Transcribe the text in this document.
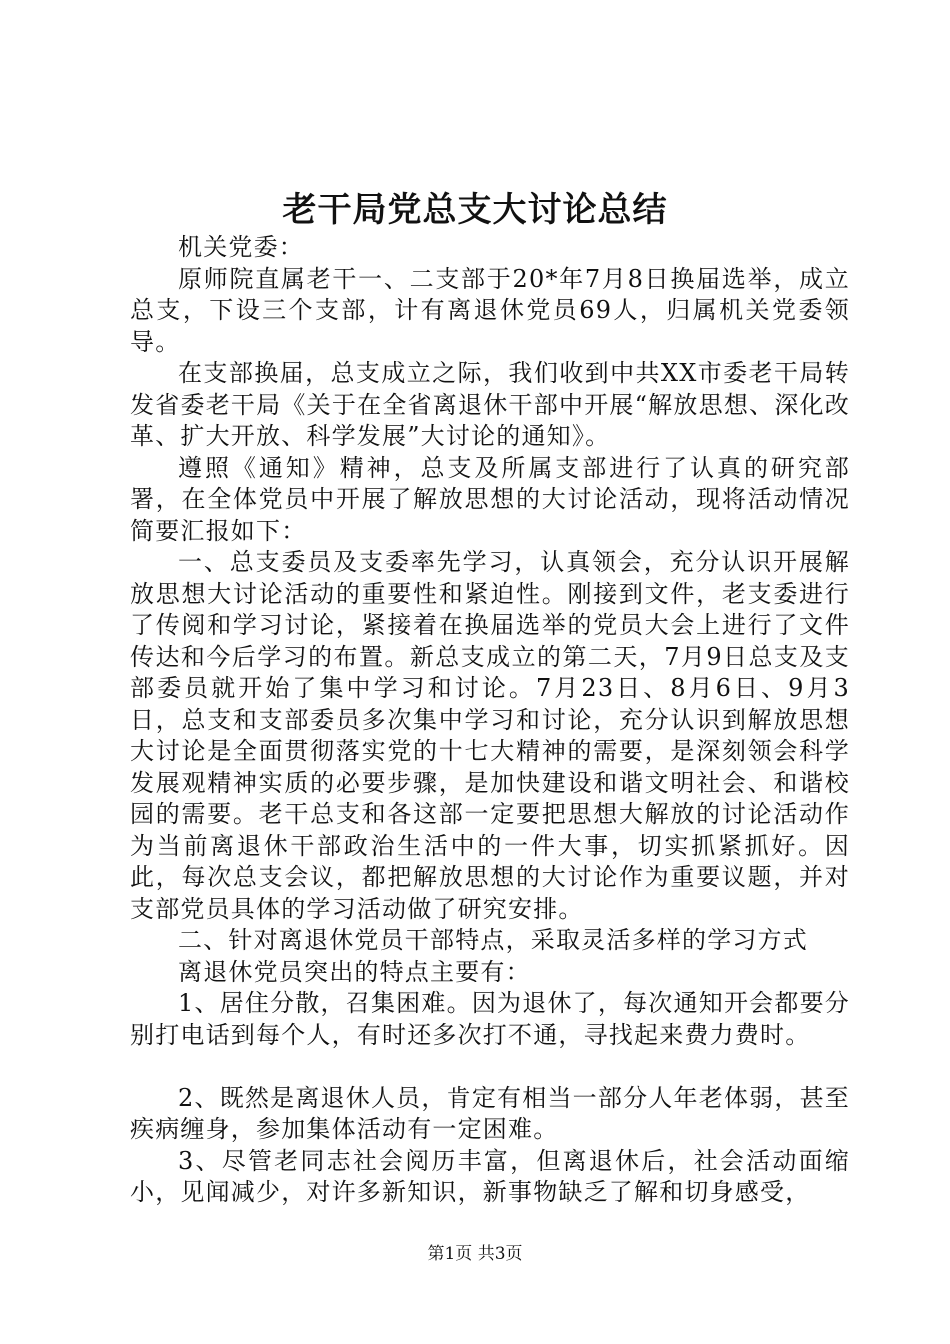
老干局党总支大讨论总结

机关党委：

原师院直属老干一、二支部于20*年7月8日换届选举，成立总支，下设三个支部，计有离退休党员69人，归属机关党委领导。

在支部换届，总支成立之际，我们收到中共XX市委老干局转发省委老干局《关于在全省离退休干部中开展“解放思想、深化改革、扩大开放、科学发展”大讨论的通知》。

遵照《通知》精神，总支及所属支部进行了认真的研究部署，在全体党员中开展了解放思想的大讨论活动，现将活动情况简要汇报如下：

一、总支委员及支委率先学习，认真领会，充分认识开展解放思想大讨论活动的重要性和紧迫性。刚接到文件，老支委进行了传阅和学习讨论，紧接着在换届选举的党员大会上进行了文件传达和今后学习的布置。新总支成立的第二天，7月9日总支及支部委员就开始了集中学习和讨论。7月23日、8月6日、9月3日，总支和支部委员多次集中学习和讨论，充分认识到解放思想大讨论是全面贯彻落实党的十七大精神的需要，是深刻领会科学发展观精神实质的必要步骤，是加快建设和谐文明社会、和谐校园的需要。老干总支和各这部一定要把思想大解放的讨论活动作为当前离退休干部政治生活中的一件大事，切实抓紧抓好。因此，每次总支会议，都把解放思想的大讨论作为重要议题，并对支部党员具体的学习活动做了研究安排。

二、针对离退休党员干部特点，采取灵活多样的学习方式

离退休党员突出的特点主要有：

1、居住分散，召集困难。因为退休了，每次通知开会都要分别打电话到每个人，有时还多次打不通，寻找起来费力费时。

2、既然是离退休人员，肯定有相当一部分人年老体弱，甚至疾病缠身，参加集体活动有一定困难。

3、尽管老同志社会阅历丰富，但离退休后，社会活动面缩小，见闻减少，对许多新知识，新事物缺乏了解和切身感受，

第1页 共3页
